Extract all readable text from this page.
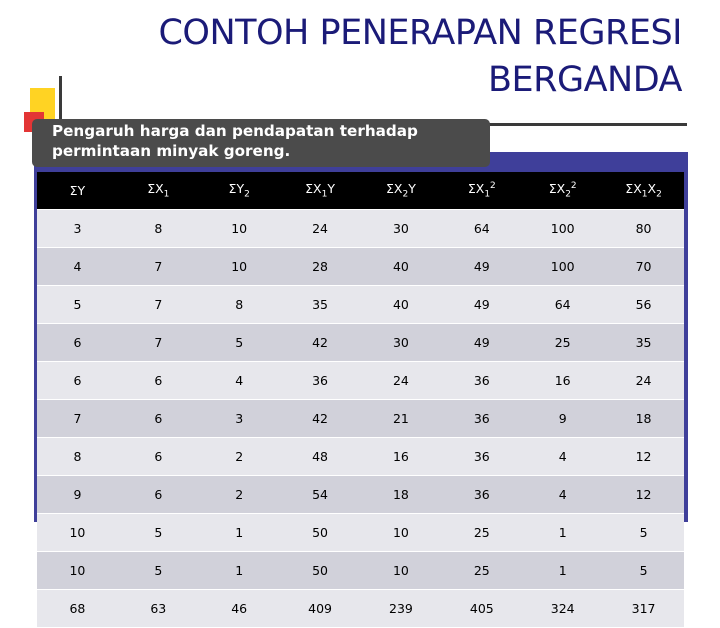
CONTOH PENERAPAN REGRESI
BERGANDA
Pengaruh harga dan pendapatan terhadap
permintaan minyak goreng.
ΣY	$\Sigma X_1$	$\Sigma Y_2$	$\Sigma X_1Y$	$\Sigma X_2Y$	$\Sigma X_1^2$	$\Sigma X_2^2$	$\Sigma X_1X_2$
3	8	10	24	30	64	100	80
4	7	10	28	40	49	100	70
5	7	8	35	40	49	64	56
6	7	5	42	30	49	25	35
6	6	4	36	24	36	16	24
7	6	3	42	21	36	9	18
8	6	2	48	16	36	4	12
9	6	2	54	18	36	4	12
10	5	1	50	10	25	1	5
10	5	1	50	10	25	1	5
68	63	46	409	239	405	324	317
